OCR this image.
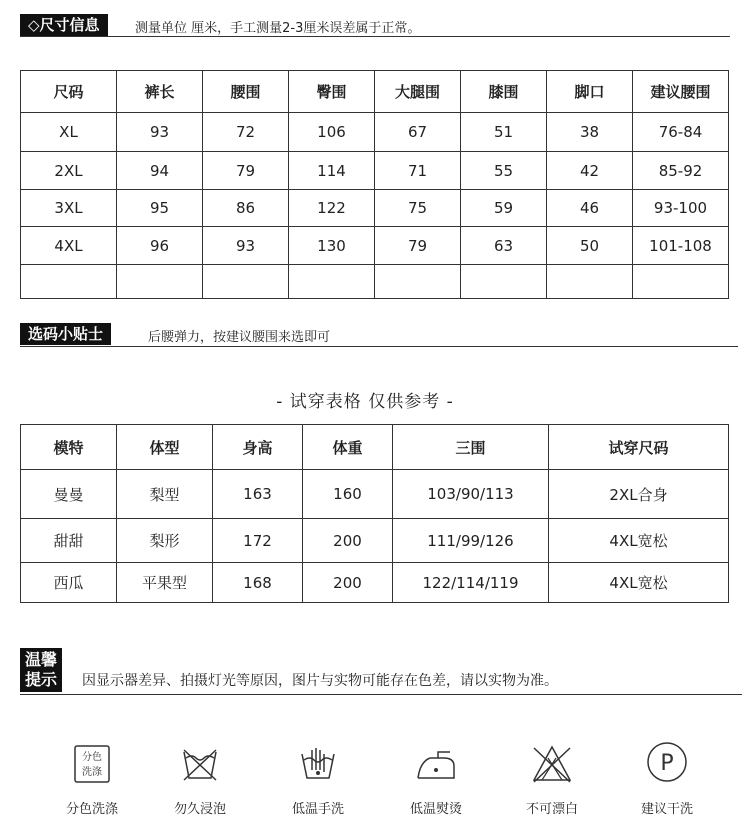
◇尺寸信息	测量单位 厘米，手工测量2-3厘米误差属于正常。
尺码	裤长	腰围	臀围	大腿围	膝围	脚口	建议腰围
XL	93	72	106	67	51	38	76-84
2XL	94	79	114	71	55	42	85-92
3XL	95	86	122	75	59	46	93-100
4XL	96	93	130	79	63	50	101-108

选码小贴士	后腰弹力，按建议腰围来选即可
- 试穿表格 仅供参考 -
模特	体型	身高	体重	三围	试穿尺码
曼曼	梨型	163	160	103/90/113	2XL合身
甜甜	梨形	172	200	111/99/126	4XL宽松
西瓜	平果型	168	200	122/114/119	4XL宽松
温馨
提示	因显示器差异、拍摄灯光等原因，图片与实物可能存在色差，请以实物为准。
分色
洗涤
分色洗涤	勿久浸泡	低温手洗	低温熨烫	不可漂白
P
建议干洗
